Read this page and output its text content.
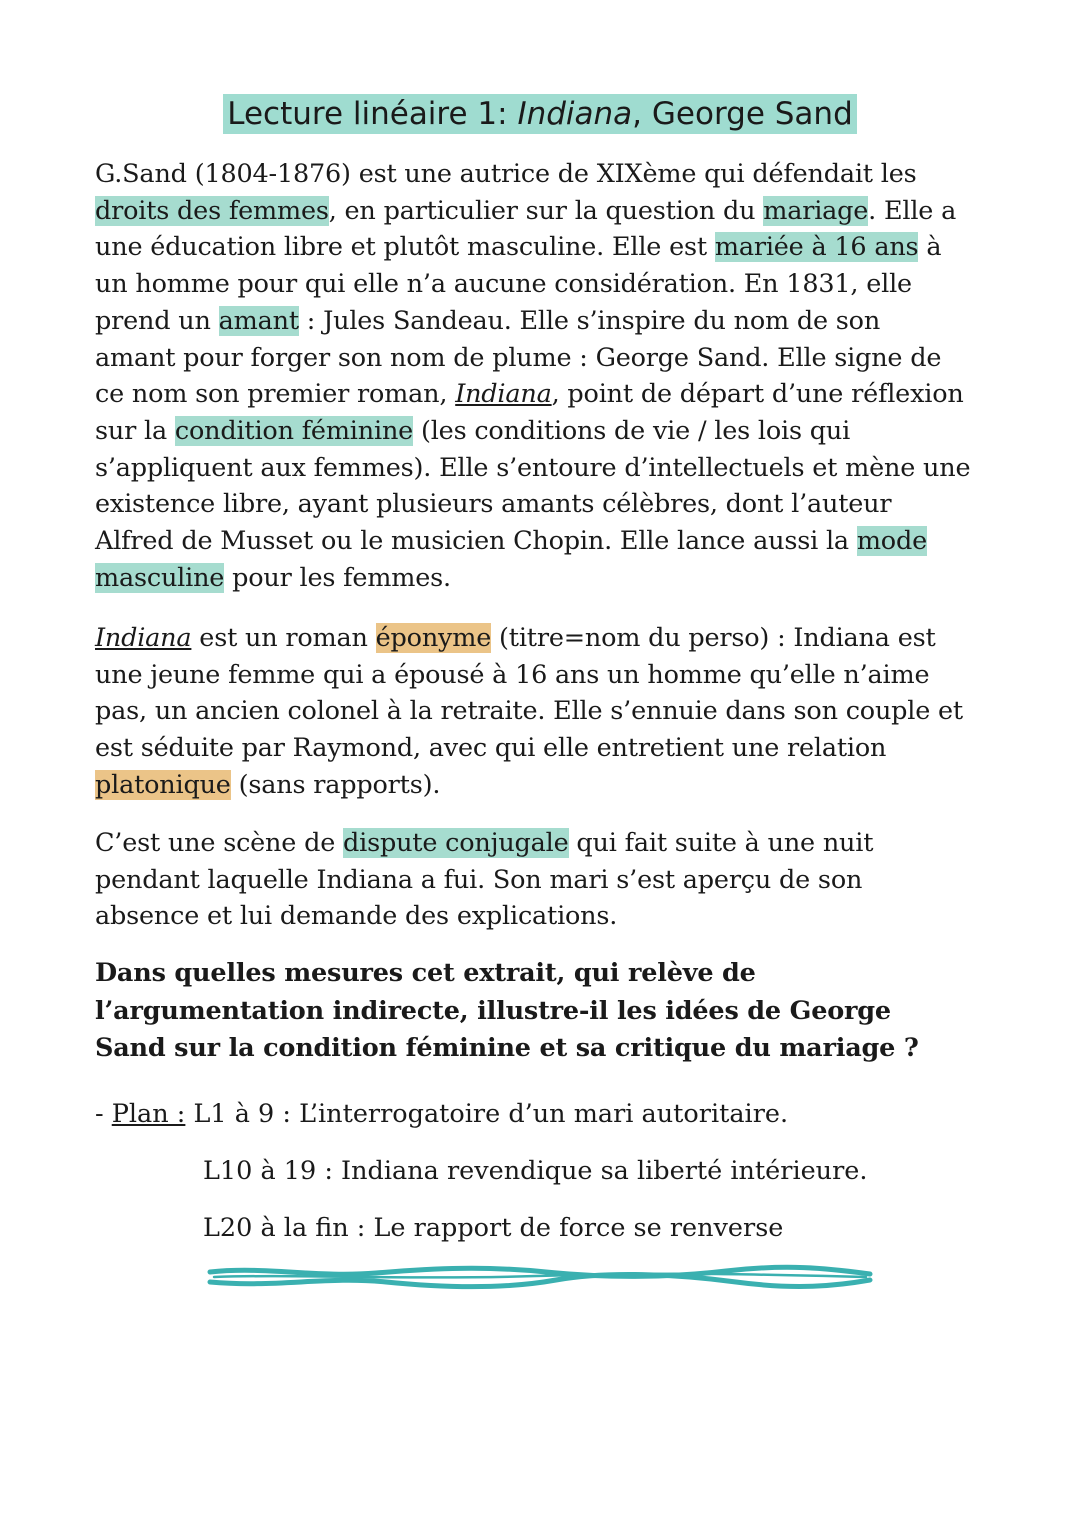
Lecture linéaire 1: Indiana, George Sand
G.Sand (1804-1876) est une autrice de XIXème qui défendait les
droits des femmes, en particulier sur la question du mariage. Elle a
une éducation libre et plutôt masculine. Elle est mariée à 16 ans à
un homme pour qui elle n’a aucune considération. En 1831, elle
prend un amant : Jules Sandeau. Elle s’inspire du nom de son
amant pour forger son nom de plume : George Sand. Elle signe de
ce nom son premier roman, Indiana, point de départ d’une réflexion
sur la condition féminine (les conditions de vie / les lois qui
s’appliquent aux femmes). Elle s’entoure d’intellectuels et mène une
existence libre, ayant plusieurs amants célèbres, dont l’auteur
Alfred de Musset ou le musicien Chopin. Elle lance aussi la mode
masculine pour les femmes.
Indiana est un roman éponyme (titre=nom du perso) : Indiana est
une jeune femme qui a épousé à 16 ans un homme qu’elle n’aime
pas, un ancien colonel à la retraite. Elle s’ennuie dans son couple et
est séduite par Raymond, avec qui elle entretient une relation
platonique (sans rapports).
C’est une scène de dispute conjugale qui fait suite à une nuit
pendant laquelle Indiana a fui. Son mari s’est aperçu de son
absence et lui demande des explications.
Dans quelles mesures cet extrait, qui relève de
l’argumentation indirecte, illustre-il les idées de George
Sand sur la condition féminine et sa critique du mariage ?
- Plan : L1 à 9 : L’interrogatoire d’un mari autoritaire.
L10 à 19 : Indiana revendique sa liberté intérieure.
L20 à la fin : Le rapport de force se renverse
